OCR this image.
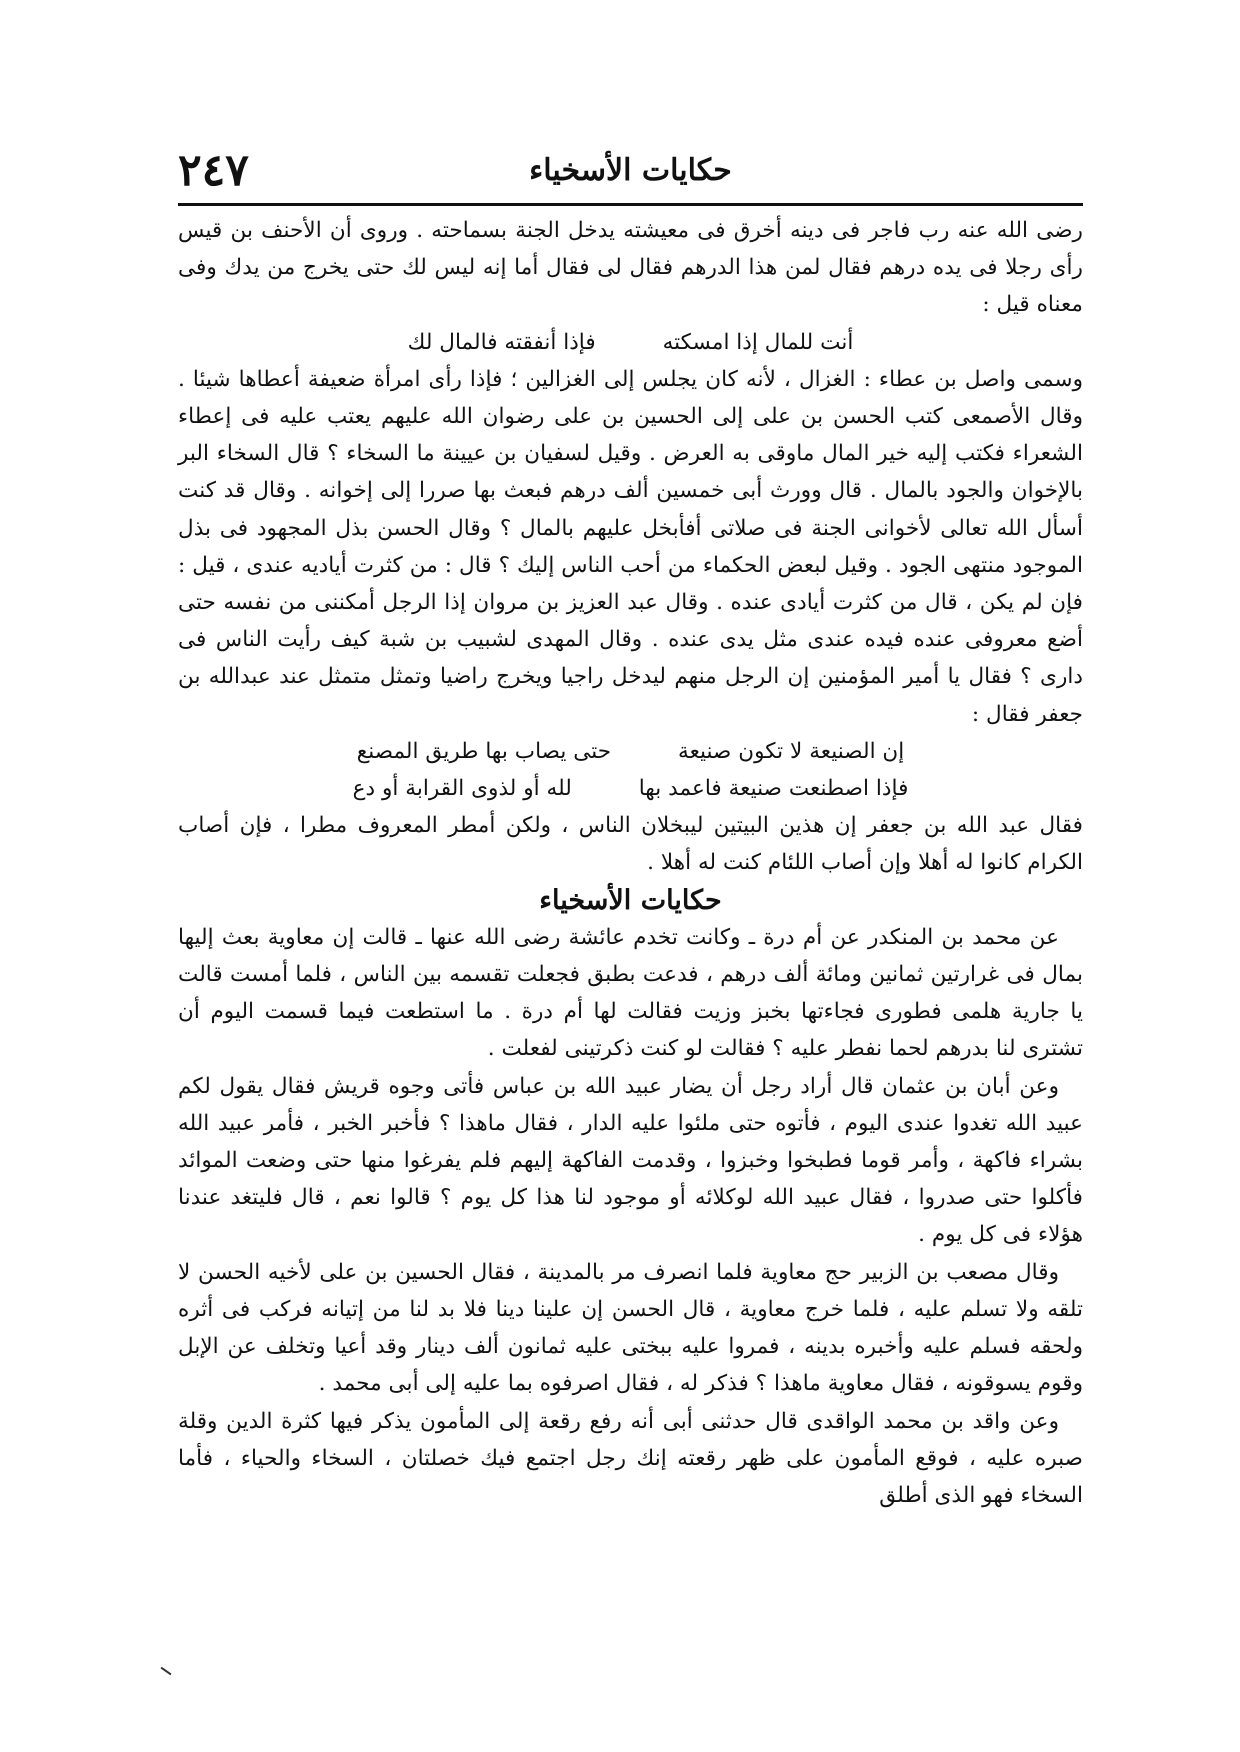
٢٤٧	حكايات الأسخياء

رضى الله عنه رب فاجر فى دينه أخرق فى معيشته يدخل الجنة بسماحته . وروى أن الأحنف بن قيس رأى رجلا فى يده درهم فقال لمن هذا الدرهم فقال لى فقال أما إنه ليس لك حتى يخرج من يدك وفى معناه قيل :

أنت للمال إذا امسكته فإذا أنفقته فالمال لك

وسمى واصل بن عطاء : الغزال ، لأنه كان يجلس إلى الغزالين ؛ فإذا رأى امرأة ضعيفة أعطاها شيئا . وقال الأصمعى كتب الحسن بن على إلى الحسين بن على رضوان الله عليهم يعتب عليه فى إعطاء الشعراء فكتب إليه خير المال ماوقى به العرض . وقيل لسفيان بن عيينة ما السخاء ؟ قال السخاء البر بالإخوان والجود بالمال . قال وورث أبى خمسين ألف درهم فبعث بها صررا إلى إخوانه . وقال قد كنت أسأل الله تعالى لأخوانى الجنة فى صلاتى أفأبخل عليهم بالمال ؟ وقال الحسن بذل المجهود فى بذل الموجود منتهى الجود . وقيل لبعض الحكماء من أحب الناس إليك ؟ قال : من كثرت أياديه عندى ، قيل : فإن لم يكن ، قال من كثرت أيادى عنده . وقال عبد العزيز بن مروان إذا الرجل أمكننى من نفسه حتى أضع معروفى عنده فيده عندى مثل يدى عنده . وقال المهدى لشبيب بن شبة كيف رأيت الناس فى دارى ؟ فقال يا أمير المؤمنين إن الرجل منهم ليدخل راجيا ويخرج راضيا وتمثل متمثل عند عبدالله بن جعفر فقال :

إن الصنيعة لا تكون صنيعة حتى يصاب بها طريق المصنع

فإذا اصطنعت صنيعة فاعمد بها لله أو لذوى القرابة أو دع

فقال عبد الله بن جعفر إن هذين البيتين ليبخلان الناس ، ولكن أمطر المعروف مطرا ، فإن أصاب الكرام كانوا له أهلا وإن أصاب اللئام كنت له أهلا .

حكايات الأسخياء

عن محمد بن المنكدر عن أم درة ـ وكانت تخدم عائشة رضى الله عنها ـ قالت إن معاوية بعث إليها بمال فى غرارتين ثمانين ومائة ألف درهم ، فدعت بطبق فجعلت تقسمه بين الناس ، فلما أمست قالت يا جارية هلمى فطورى فجاءتها بخبز وزيت فقالت لها أم درة . ما استطعت فيما قسمت اليوم أن تشترى لنا بدرهم لحما نفطر عليه ؟ فقالت لو كنت ذكرتينى لفعلت .

وعن أبان بن عثمان قال أراد رجل أن يضار عبيد الله بن عباس فأتى وجوه قريش فقال يقول لكم عبيد الله تغدوا عندى اليوم ، فأتوه حتى ملئوا عليه الدار ، فقال ماهذا ؟ فأخبر الخبر ، فأمر عبيد الله بشراء فاكهة ، وأمر قوما فطبخوا وخبزوا ، وقدمت الفاكهة إليهم فلم يفرغوا منها حتى وضعت الموائد فأكلوا حتى صدروا ، فقال عبيد الله لوكلائه أو موجود لنا هذا كل يوم ؟ قالوا نعم ، قال فليتغد عندنا هؤلاء فى كل يوم .

وقال مصعب بن الزبير حج معاوية فلما انصرف مر بالمدينة ، فقال الحسين بن على لأخيه الحسن لا تلقه ولا تسلم عليه ، فلما خرج معاوية ، قال الحسن إن علينا دينا فلا بد لنا من إتيانه فركب فى أثره ولحقه فسلم عليه وأخبره بدينه ، فمروا عليه ببختى عليه ثمانون ألف دينار وقد أعيا وتخلف عن الإبل وقوم يسوقونه ، فقال معاوية ماهذا ؟ فذكر له ، فقال اصرفوه بما عليه إلى أبى محمد .

وعن واقد بن محمد الواقدى قال حدثنى أبى أنه رفع رقعة إلى المأمون يذكر فيها كثرة الدين وقلة صبره عليه ، فوقع المأمون على ظهر رقعته إنك رجل اجتمع فيك خصلتان ، السخاء والحياء ، فأما السخاء فهو الذى أطلق
